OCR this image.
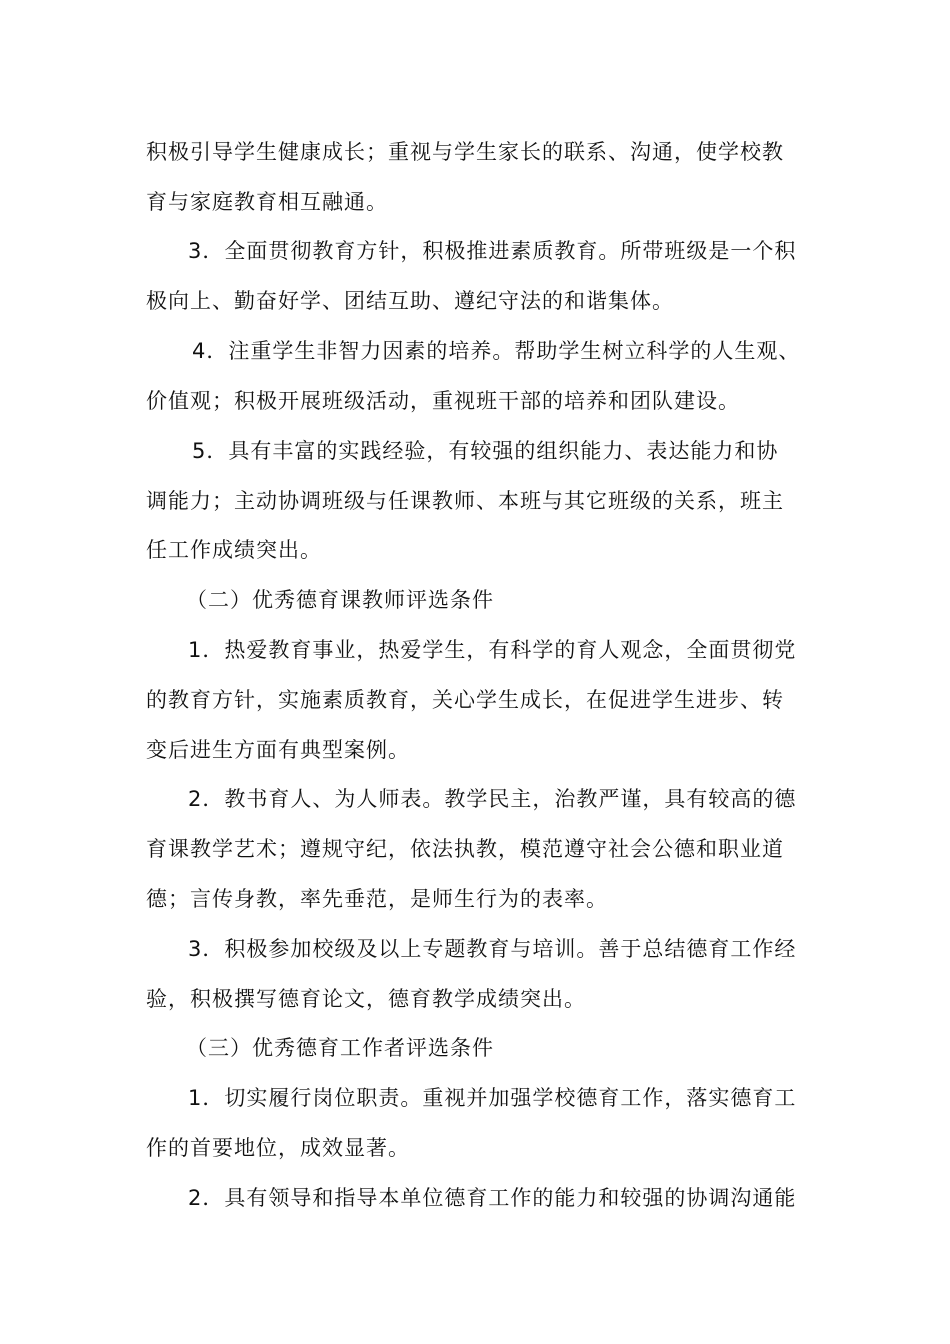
积极引导学生健康成长；重视与学生家长的联系、沟通，使学校教
育与家庭教育相互融通。
3．全面贯彻教育方针，积极推进素质教育。所带班级是一个积
极向上、勤奋好学、团结互助、遵纪守法的和谐集体。
4．注重学生非智力因素的培养。帮助学生树立科学的人生观、
价值观；积极开展班级活动，重视班干部的培养和团队建设。
5．具有丰富的实践经验，有较强的组织能力、表达能力和协
调能力；主动协调班级与任课教师、本班与其它班级的关系，班主
任工作成绩突出。
（二）优秀德育课教师评选条件
1．热爱教育事业，热爱学生，有科学的育人观念，全面贯彻党
的教育方针，实施素质教育，关心学生成长，在促进学生进步、转
变后进生方面有典型案例。
2．教书育人、为人师表。教学民主，治教严谨，具有较高的德
育课教学艺术；遵规守纪，依法执教，模范遵守社会公德和职业道
德；言传身教，率先垂范，是师生行为的表率。
3．积极参加校级及以上专题教育与培训。善于总结德育工作经
验，积极撰写德育论文，德育教学成绩突出。
（三）优秀德育工作者评选条件
1．切实履行岗位职责。重视并加强学校德育工作，落实德育工
作的首要地位，成效显著。
2．具有领导和指导本单位德育工作的能力和较强的协调沟通能
